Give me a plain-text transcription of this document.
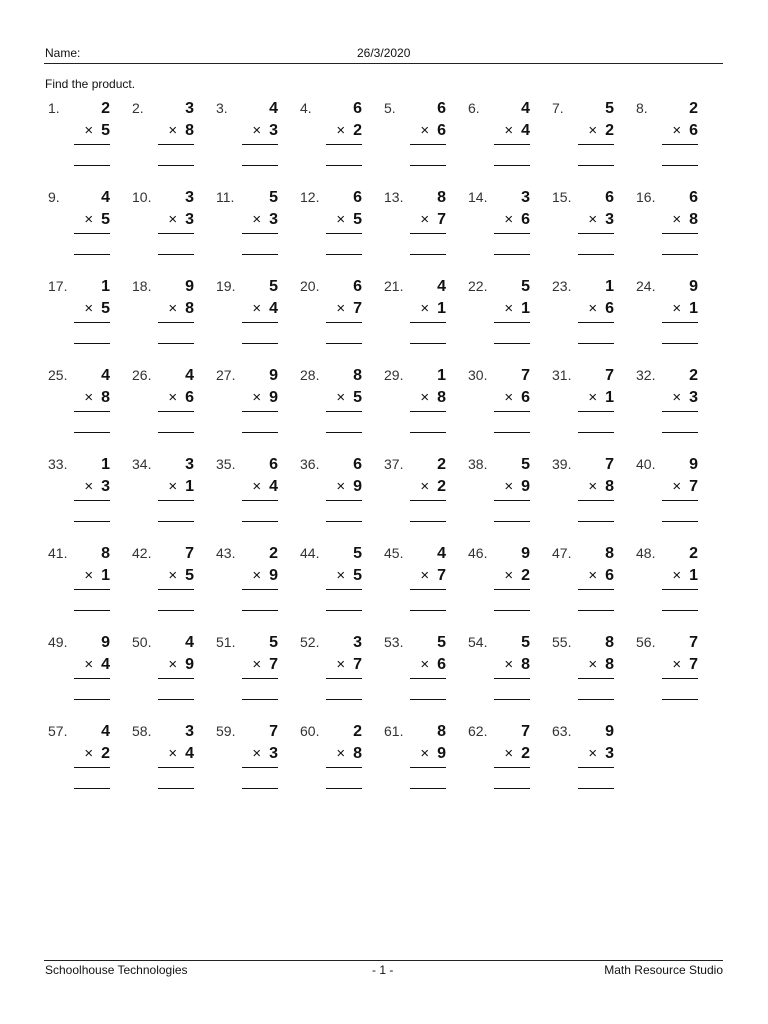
Name:	26/3/2020
Find the product.
1.	2
× 5
2.	3
× 8
3.	4
× 3
4.	6
× 2
5.	6
× 6
6.	4
× 4
7.	5
× 2
8.	2
× 6
9.	4
× 5
10. 3
× 3
11. 5
× 3
12. 6
× 5
13. 8
× 7
14. 3
× 6
15. 6
× 3
16. 6
× 8
17. 1
× 5
18. 9
× 8
19. 5
× 4
20. 6
× 7
21. 4
× 1
22. 5
× 1
23. 1
× 6
24. 9
× 1
25. 4
× 8
26. 4
× 6
27. 9
× 9
28. 8
× 5
29. 1
× 8
30. 7
× 6
31. 7
× 1
32. 2
× 3
33. 1
× 3
34. 3
× 1
35. 6
× 4
36. 6
× 9
37. 2
× 2
38. 5
× 9
39. 7
× 8
40. 9
× 7
41. 8
× 1
42. 7
× 5
43. 2
× 9
44. 5
× 5
45. 4
× 7
46. 9
× 2
47. 8
× 6
48. 2
× 1
49. 9
× 4
50. 4
× 9
51. 5
× 7
52. 3
× 7
53. 5
× 6
54. 5
× 8
55. 8
× 8
56. 7
× 7
57. 4
× 2
58. 3
× 4
59. 7
× 3
60. 2
× 8
61. 8
× 9
62. 7
× 2
63. 9
× 3
Schoolhouse Technologies	- 1 -	Math Resource Studio
